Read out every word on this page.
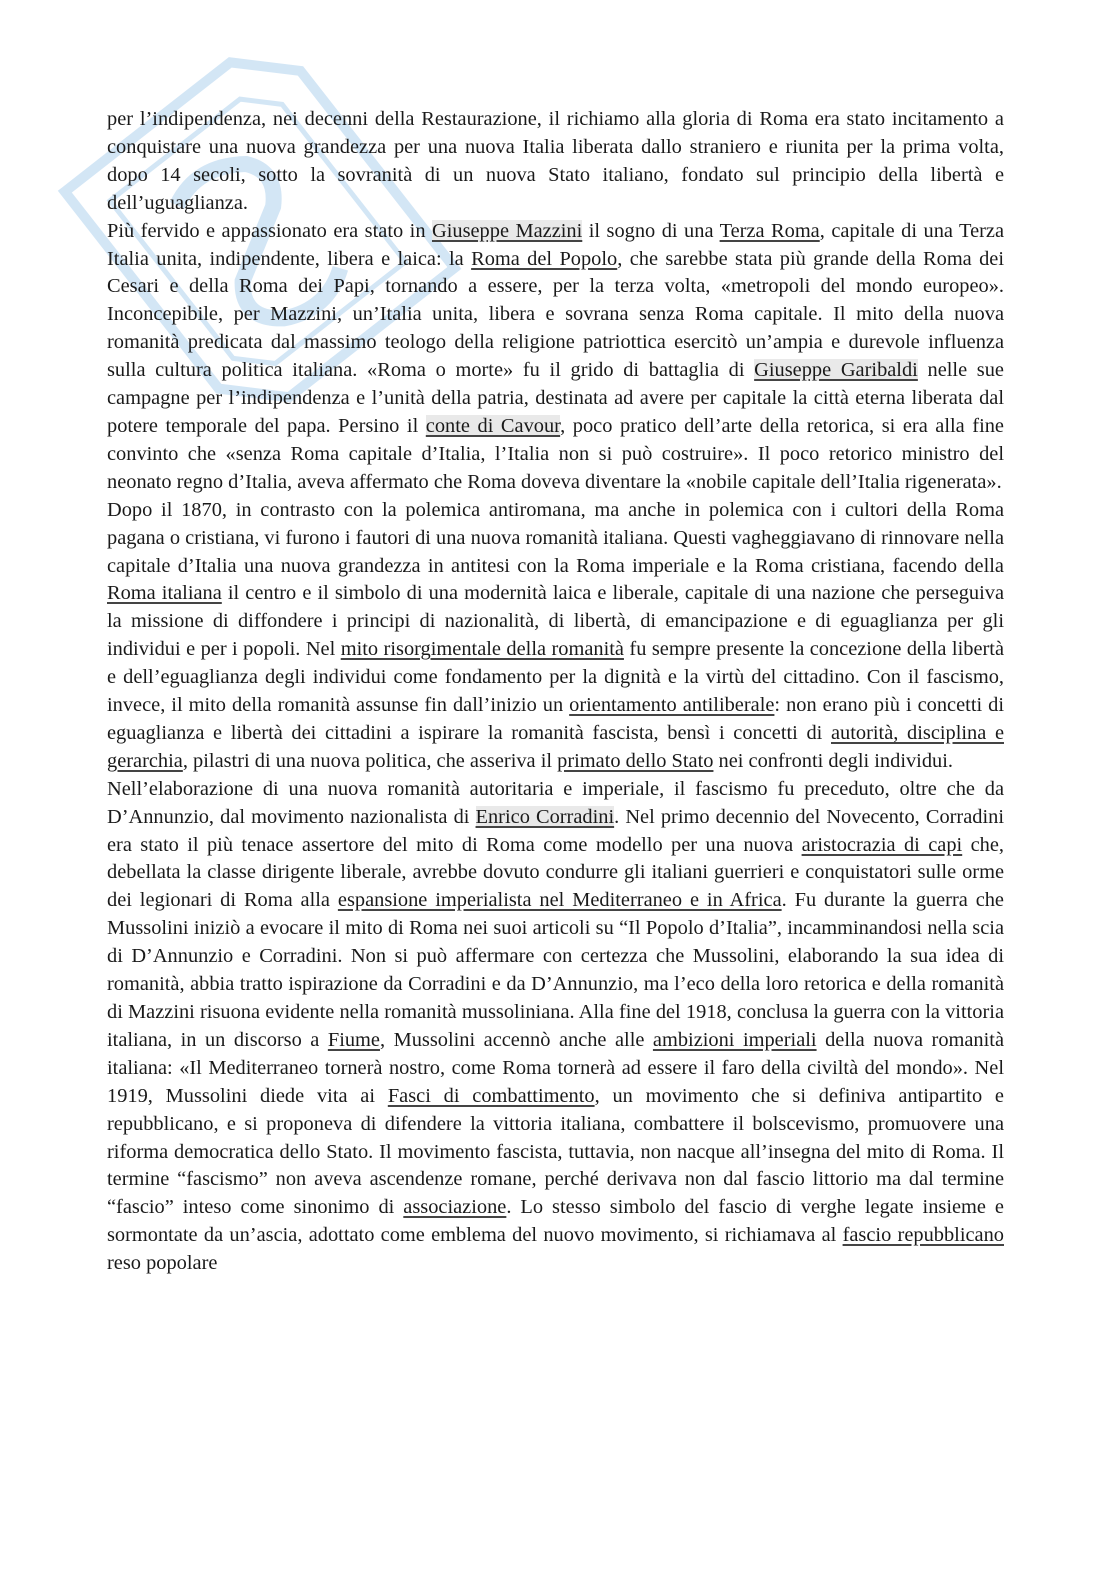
per l’indipendenza, nei decenni della Restaurazione, il richiamo alla gloria di Roma era stato incitamento a conquistare una nuova grandezza per una nuova Italia liberata dallo straniero e riunita per la prima volta, dopo 14 secoli, sotto la sovranità di un nuova Stato italiano, fondato sul principio della libertà e dell’uguaglianza.

Più fervido e appassionato era stato in Giuseppe Mazzini il sogno di una Terza Roma, capitale di una Terza Italia unita, indipendente, libera e laica: la Roma del Popolo, che sarebbe stata più grande della Roma dei Cesari e della Roma dei Papi, tornando a essere, per la terza volta, «metropoli del mondo europeo». Inconcepibile, per Mazzini, un’Italia unita, libera e sovrana senza Roma capitale. Il mito della nuova romanità predicata dal massimo teologo della religione patriottica esercitò un’ampia e durevole influenza sulla cultura politica italiana. «Roma o morte» fu il grido di battaglia di Giuseppe Garibaldi nelle sue campagne per l’indipendenza e l’unità della patria, destinata ad avere per capitale la città eterna liberata dal potere temporale del papa. Persino il conte di Cavour, poco pratico dell’arte della retorica, si era alla fine convinto che «senza Roma capitale d’Italia, l’Italia non si può costruire». Il poco retorico ministro del neonato regno d’Italia, aveva affermato che Roma doveva diventare la «nobile capitale dell’Italia rigenerata».

Dopo il 1870, in contrasto con la polemica antiromana, ma anche in polemica con i cultori della Roma pagana o cristiana, vi furono i fautori di una nuova romanità italiana. Questi vagheggiavano di rinnovare nella capitale d’Italia una nuova grandezza in antitesi con la Roma imperiale e la Roma cristiana, facendo della Roma italiana il centro e il simbolo di una modernità laica e liberale, capitale di una nazione che perseguiva la missione di diffondere i principi di nazionalità, di libertà, di emancipazione e di eguaglianza per gli individui e per i popoli. Nel mito risorgimentale della romanità fu sempre presente la concezione della libertà e dell’eguaglianza degli individui come fondamento per la dignità e la virtù del cittadino. Con il fascismo, invece, il mito della romanità assunse fin dall’inizio un orientamento antiliberale: non erano più i concetti di eguaglianza e libertà dei cittadini a ispirare la romanità fascista, bensì i concetti di autorità, disciplina e gerarchia, pilastri di una nuova politica, che asseriva il primato dello Stato nei confronti degli individui.

Nell’elaborazione di una nuova romanità autoritaria e imperiale, il fascismo fu preceduto, oltre che da D’Annunzio, dal movimento nazionalista di Enrico Corradini. Nel primo decennio del Novecento, Corradini era stato il più tenace assertore del mito di Roma come modello per una nuova aristocrazia di capi che, debellata la classe dirigente liberale, avrebbe dovuto condurre gli italiani guerrieri e conquistatori sulle orme dei legionari di Roma alla espansione imperialista nel Mediterraneo e in Africa. Fu durante la guerra che Mussolini iniziò a evocare il mito di Roma nei suoi articoli su “Il Popolo d’Italia”, incamminandosi nella scia di D’Annunzio e Corradini. Non si può affermare con certezza che Mussolini, elaborando la sua idea di romanità, abbia tratto ispirazione da Corradini e da D’Annunzio, ma l’eco della loro retorica e della romanità di Mazzini risuona evidente nella romanità mussoliniana. Alla fine del 1918, conclusa la guerra con la vittoria italiana, in un discorso a Fiume, Mussolini accennò anche alle ambizioni imperiali della nuova romanità italiana: «Il Mediterraneo tornerà nostro, come Roma tornerà ad essere il faro della civiltà del mondo». Nel 1919, Mussolini diede vita ai Fasci di combattimento, un movimento che si definiva antipartito e repubblicano, e si proponeva di difendere la vittoria italiana, combattere il bolscevismo, promuovere una riforma democratica dello Stato. Il movimento fascista, tuttavia, non nacque all’insegna del mito di Roma. Il termine “fascismo” non aveva ascendenze romane, perché derivava non dal fascio littorio ma dal termine “fascio” inteso come sinonimo di associazione. Lo stesso simbolo del fascio di verghe legate insieme e sormontate da un’ascia, adottato come emblema del nuovo movimento, si richiamava al fascio repubblicano reso popolare
